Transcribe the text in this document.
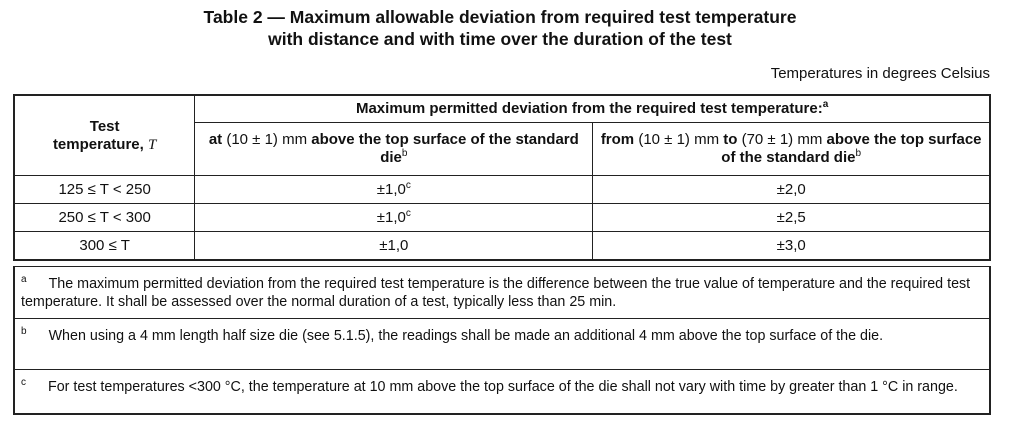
Table 2 — Maximum allowable deviation from required test temperature
with distance and with time over the duration of the test
Temperatures in degrees Celsius
Test
temperature, T	Maximum permitted deviation from the required test temperature:$^a$
	at (10 ± 1) mm above the top surface of the standard die$^b$	from (10 ± 1) mm to (70 ± 1) mm above the top surface of the standard die$^b$
125 ≤ T < 250	±1,0$^c$	±2,0
250 ≤ T < 300	±1,0$^c$	±2,5
300 ≤ T	±1,0	±3,0
$^a$ The maximum permitted deviation from the required test temperature is the difference between the true value of temperature and the required test temperature. It shall be assessed over the normal duration of a test, typically less than 25 min.
$^b$ When using a 4 mm length half size die (see 5.1.5), the readings shall be made an additional 4 mm above the top surface of the die.
$^c$ For test temperatures <300 °C, the temperature at 10 mm above the top surface of the die shall not vary with time by greater than 1 °C in range.
